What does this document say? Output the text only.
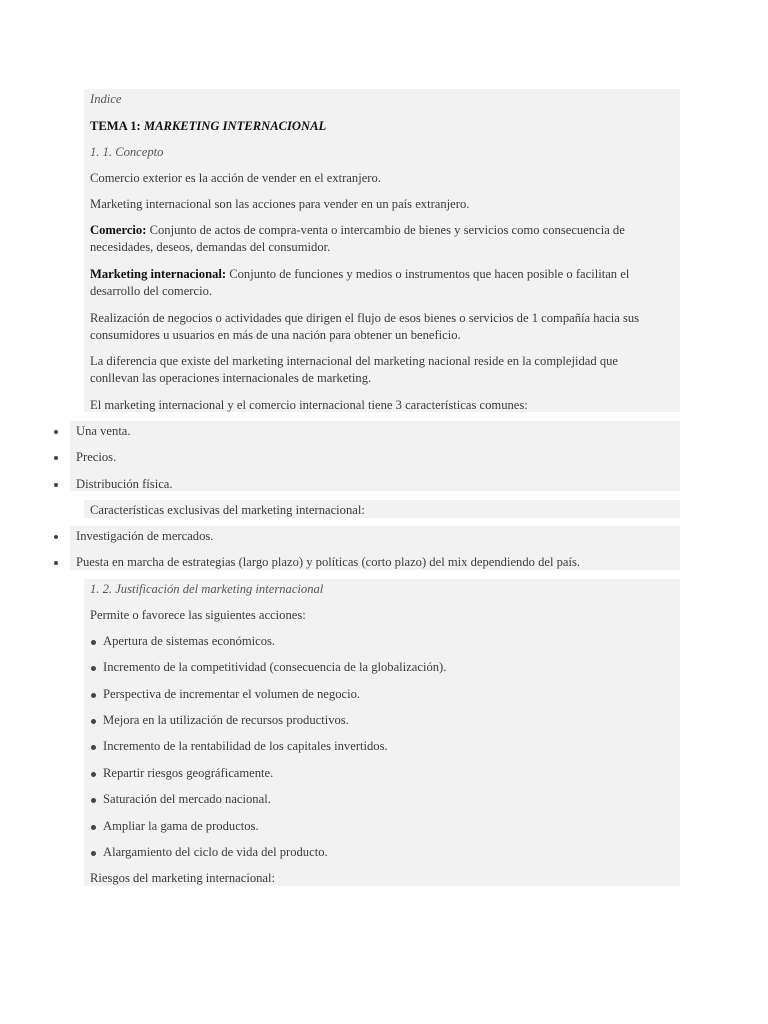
Indice

TEMA 1: MARKETING INTERNACIONAL

1. 1. Concepto

Comercio exterior es la acción de vender en el extranjero.

Marketing internacional son las acciones para vender en un país extranjero.

Comercio: Conjunto de actos de compra-venta o intercambio de bienes y servicios como consecuencia de necesidades, deseos, demandas del consumidor.

Marketing internacional: Conjunto de funciones y medios o instrumentos que hacen posible o facilitan el desarrollo del comercio.

Realización de negocios o actividades que dirigen el flujo de esos bienes o servicios de 1 compañía hacia sus consumidores u usuarios en más de una nación para obtener un beneficio.

La diferencia que existe del marketing internacional del marketing nacional reside en la complejidad que conllevan las operaciones internacionales de marketing.

El marketing internacional y el comercio internacional tiene 3 características comunes:

Una venta.

Precios.

Distribución física.

Características exclusivas del marketing internacional:

Investigación de mercados.

Puesta en marcha de estrategias (largo plazo) y políticas (corto plazo) del mix dependiendo del país.

1. 2. Justificación del marketing internacional

Permite o favorece las siguientes acciones:

Apertura de sistemas económicos.

Incremento de la competitividad (consecuencia de la globalización).

Perspectiva de incrementar el volumen de negocio.

Mejora en la utilización de recursos productivos.

Incremento de la rentabilidad de los capitales invertidos.

Repartir riesgos geográficamente.

Saturación del mercado nacional.

Ampliar la gama de productos.

Alargamiento del ciclo de vida del producto.

Riesgos del marketing internacional:
